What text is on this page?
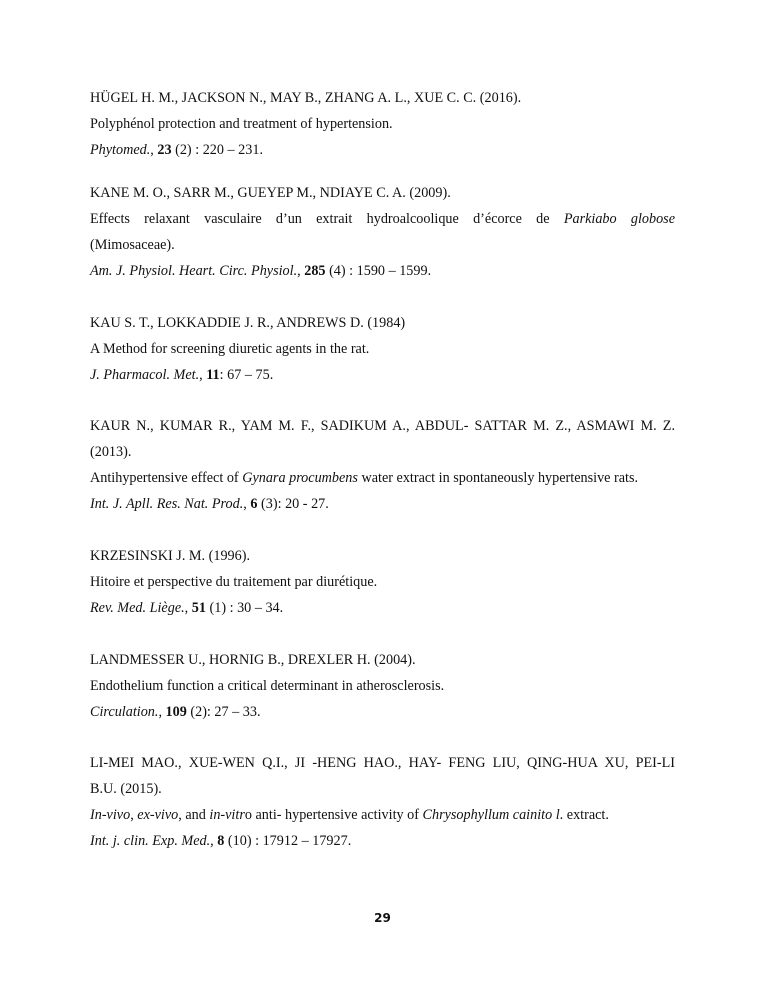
HÜGEL H. M., JACKSON N., MAY B., ZHANG A. L., XUE C. C. (2016).
Polyphénol protection and treatment of hypertension.
Phytomed., 23 (2) : 220 – 231.
KANE M. O., SARR M., GUEYEP M., NDIAYE C. A. (2009).
Effects relaxant vasculaire d’un extrait hydroalcoolique d’écorce de Parkiabo globose
(Mimosaceae).
Am. J. Physiol. Heart. Circ. Physiol., 285 (4) : 1590 – 1599.
KAU S. T., LOKKADDIE J. R., ANDREWS D. (1984)
A Method for screening diuretic agents in the rat.
J. Pharmacol. Met., 11: 67 – 75.
KAUR N., KUMAR R., YAM M. F., SADIKUM A., ABDUL- SATTAR M. Z., ASMAWI M. Z.
(2013).
Antihypertensive effect of Gynara procumbens water extract in spontaneously hypertensive rats.
Int. J. Apll. Res. Nat. Prod., 6 (3): 20 - 27.
KRZESINSKI J. M. (1996).
Hitoire et perspective du traitement par diurétique.
Rev. Med. Liège., 51 (1) : 30 – 34.
LANDMESSER U., HORNIG B., DREXLER H. (2004).
Endothelium function a critical determinant in atherosclerosis.
Circulation., 109 (2): 27 – 33.
LI-MEI MAO., XUE-WEN Q.I., JI -HENG HAO., HAY- FENG LIU, QING-HUA XU, PEI-LI
B.U. (2015).
In-vivo, ex-vivo, and in-vitro anti- hypertensive activity of Chrysophyllum cainito l. extract.
Int. j. clin. Exp. Med., 8 (10) : 17912 – 17927.
29
